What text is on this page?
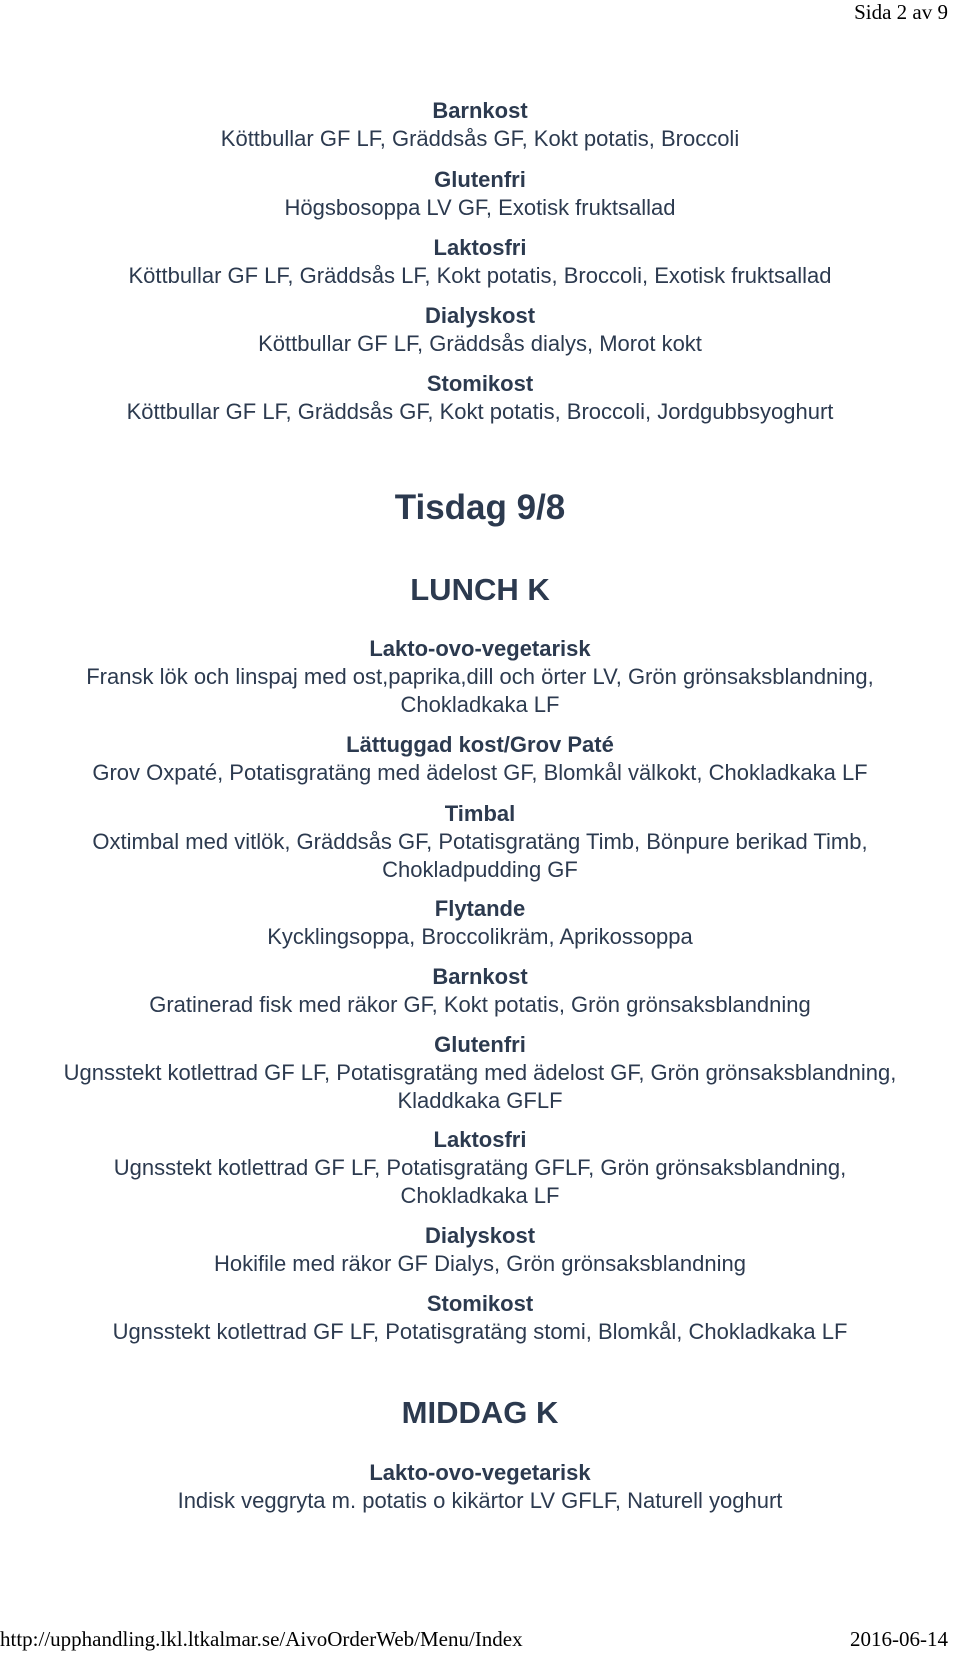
Sida 2 av 9

Barnkost

Köttbullar GF LF, Gräddsås GF, Kokt potatis, Broccoli

Glutenfri

Högsbosoppa LV GF, Exotisk fruktsallad

Laktosfri

Köttbullar GF LF, Gräddsås LF, Kokt potatis, Broccoli, Exotisk fruktsallad

Dialyskost

Köttbullar GF LF, Gräddsås dialys, Morot kokt

Stomikost

Köttbullar GF LF, Gräddsås GF, Kokt potatis, Broccoli, Jordgubbsyoghurt

Tisdag 9/8
LUNCH K

Lakto-ovo-vegetarisk

Fransk lök och linspaj med ost,paprika,dill och örter LV, Grön grönsaksblandning, Chokladkaka LF

Lättuggad kost/Grov Paté

Grov Oxpaté, Potatisgratäng med ädelost GF, Blomkål välkokt, Chokladkaka LF

Timbal

Oxtimbal med vitlök, Gräddsås GF, Potatisgratäng Timb, Bönpure berikad Timb, Chokladpudding GF

Flytande

Kycklingsoppa, Broccolikräm, Aprikossoppa

Barnkost

Gratinerad fisk med räkor GF, Kokt potatis, Grön grönsaksblandning

Glutenfri

Ugnsstekt kotlettrad GF LF, Potatisgratäng med ädelost GF, Grön grönsaksblandning, Kladdkaka GFLF

Laktosfri

Ugnsstekt kotlettrad GF LF, Potatisgratäng GFLF, Grön grönsaksblandning, Chokladkaka LF

Dialyskost

Hokifile med räkor GF Dialys, Grön grönsaksblandning

Stomikost

Ugnsstekt kotlettrad GF LF, Potatisgratäng stomi, Blomkål, Chokladkaka LF

MIDDAG K

Lakto-ovo-vegetarisk

Indisk veggryta m. potatis o kikärtor LV GFLF, Naturell yoghurt

http://upphandling.lkl.ltkalmar.se/AivoOrderWeb/Menu/Index	2016-06-14
